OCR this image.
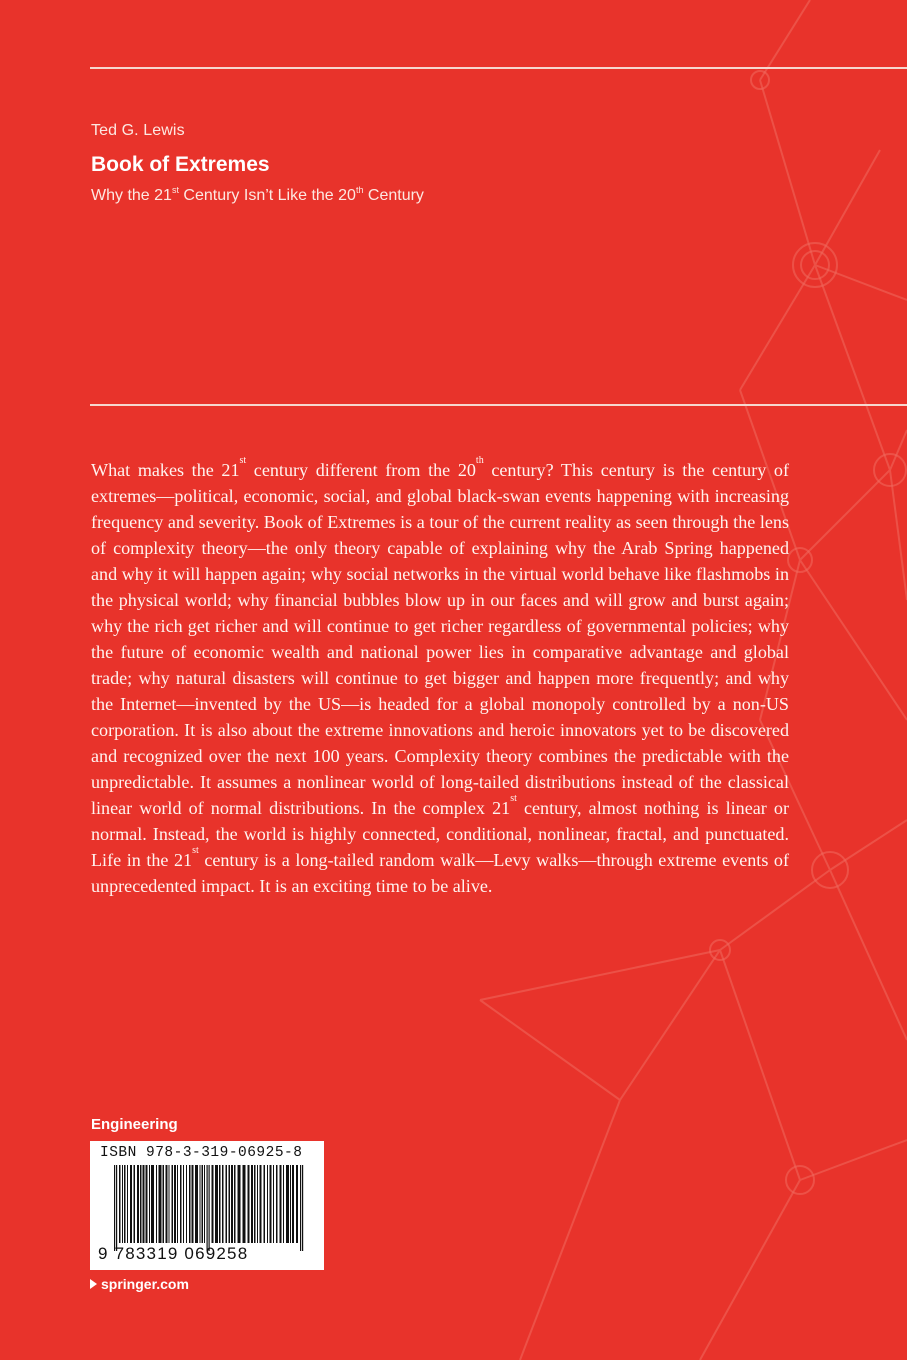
Ted G. Lewis
Book of Extremes
Why the 21st Century Isn’t Like the 20th Century

What makes the 21st century different from the 20th century? This century is the century of extremes—political, economic, social, and global black-swan events happening with increasing frequency and severity. Book of Extremes is a tour of the current reality as seen through the lens of complexity theory—the only theory capable of explaining why the Arab Spring happened and why it will happen again; why social networks in the virtual world behave like flashmobs in the physical world; why financial bubbles blow up in our faces and will grow and burst again; why the rich get richer and will continue to get richer regardless of governmental policies; why the future of economic wealth and national power lies in comparative advantage and global trade; why natural disasters will continue to get bigger and happen more frequently; and why the Internet—invented by the US—is headed for a global monopoly controlled by a non-US corporation. It is also about the extreme innovations and heroic innovators yet to be discovered and recognized over the next 100 years. Complexity theory combines the predictable with the unpredictable. It assumes a nonlinear world of long-tailed distributions instead of the classical linear world of normal distributions. In the complex 21st century, almost nothing is linear or normal. Instead, the world is highly connected, conditional, nonlinear, fractal, and punctuated. Life in the 21st century is a long-tailed random walk—Levy walks—through extreme events of unprecedented impact. It is an exciting time to be alive.

Engineering
ISBN 978-3-319-06925-8
9 783319 069258
springer.com
